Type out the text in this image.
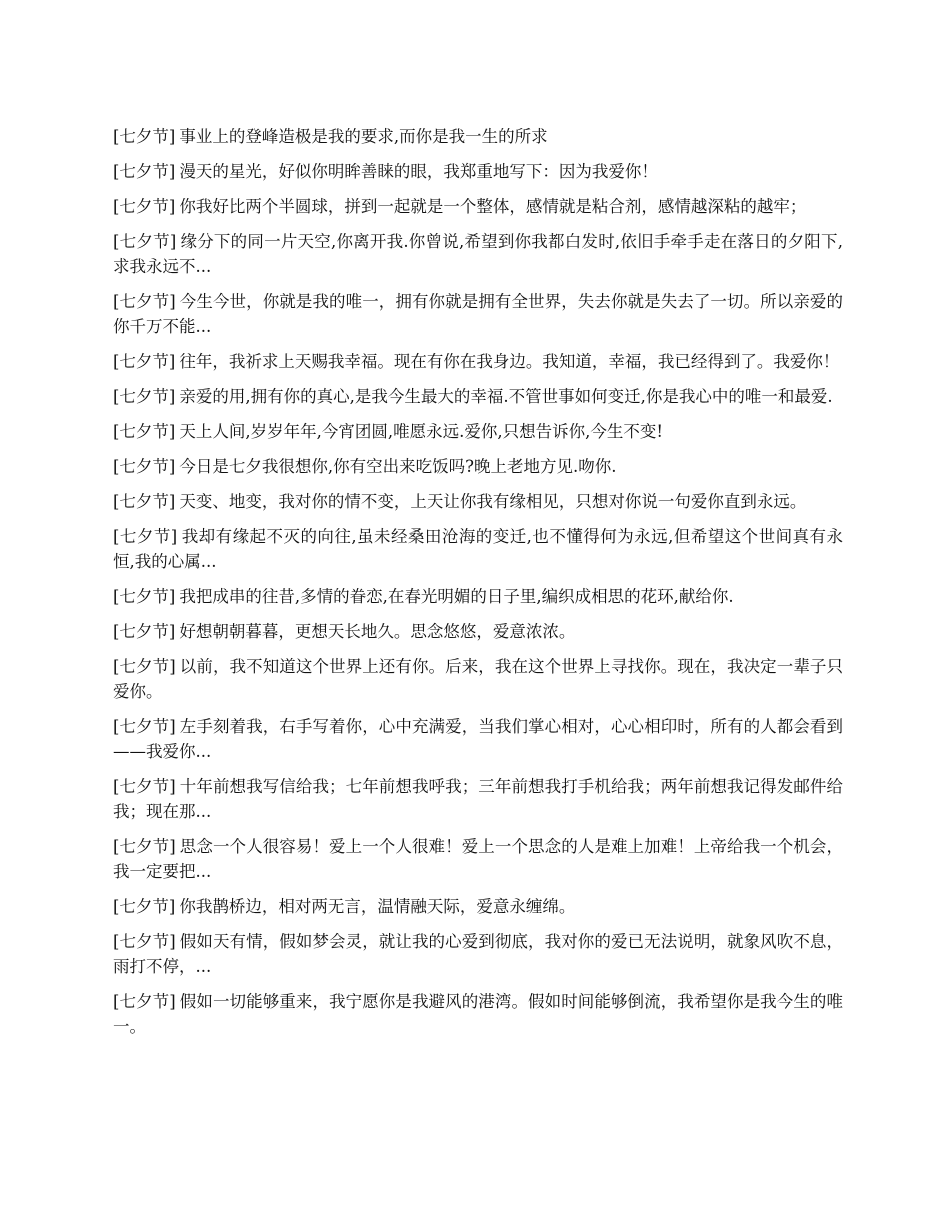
[七夕节] 事业上的登峰造极是我的要求,而你是我一生的所求

[七夕节] 漫天的星光，好似你明眸善睐的眼，我郑重地写下：因为我爱你！

[七夕节] 你我好比两个半圆球，拼到一起就是一个整体，感情就是粘合剂，感情越深粘的越牢；

[七夕节] 缘分下的同一片天空,你离开我.你曾说,希望到你我都白发时,依旧手牵手走在落日的夕阳下,求我永远不...

[七夕节] 今生今世，你就是我的唯一，拥有你就是拥有全世界，失去你就是失去了一切。所以亲爱的你千万不能...

[七夕节] 往年，我祈求上天赐我幸福。现在有你在我身边。我知道，幸福，我已经得到了。我爱你！

[七夕节] 亲爱的用,拥有你的真心,是我今生最大的幸福.不管世事如何变迁,你是我心中的唯一和最爱.

[七夕节] 天上人间,岁岁年年,今宵团圆,唯愿永远.爱你,只想告诉你,今生不变!

[七夕节] 今日是七夕我很想你,你有空出来吃饭吗?晚上老地方见.吻你.

[七夕节] 天变、地变，我对你的情不变，上天让你我有缘相见，只想对你说一句爱你直到永远。

[七夕节] 我却有缘起不灭的向往,虽未经桑田沧海的变迁,也不懂得何为永远,但希望这个世间真有永恒,我的心属...

[七夕节] 我把成串的往昔,多情的眷恋,在春光明媚的日子里,编织成相思的花环,献给你.

[七夕节] 好想朝朝暮暮，更想天长地久。思念悠悠，爱意浓浓。

[七夕节] 以前，我不知道这个世界上还有你。后来，我在这个世界上寻找你。现在，我决定一辈子只爱你。

[七夕节] 左手刻着我，右手写着你，心中充满爱，当我们掌心相对，心心相印时，所有的人都会看到——我爱你...

[七夕节] 十年前想我写信给我；七年前想我呼我；三年前想我打手机给我；两年前想我记得发邮件给我；现在那...

[七夕节] 思念一个人很容易！爱上一个人很难！爱上一个思念的人是难上加难！上帝给我一个机会，我一定要把...

[七夕节] 你我鹊桥边，相对两无言，温情融天际，爱意永缠绵。

[七夕节] 假如天有情，假如梦会灵，就让我的心爱到彻底，我对你的爱已无法说明，就象风吹不息，雨打不停，...

[七夕节] 假如一切能够重来，我宁愿你是我避风的港湾。假如时间能够倒流，我希望你是我今生的唯一。
